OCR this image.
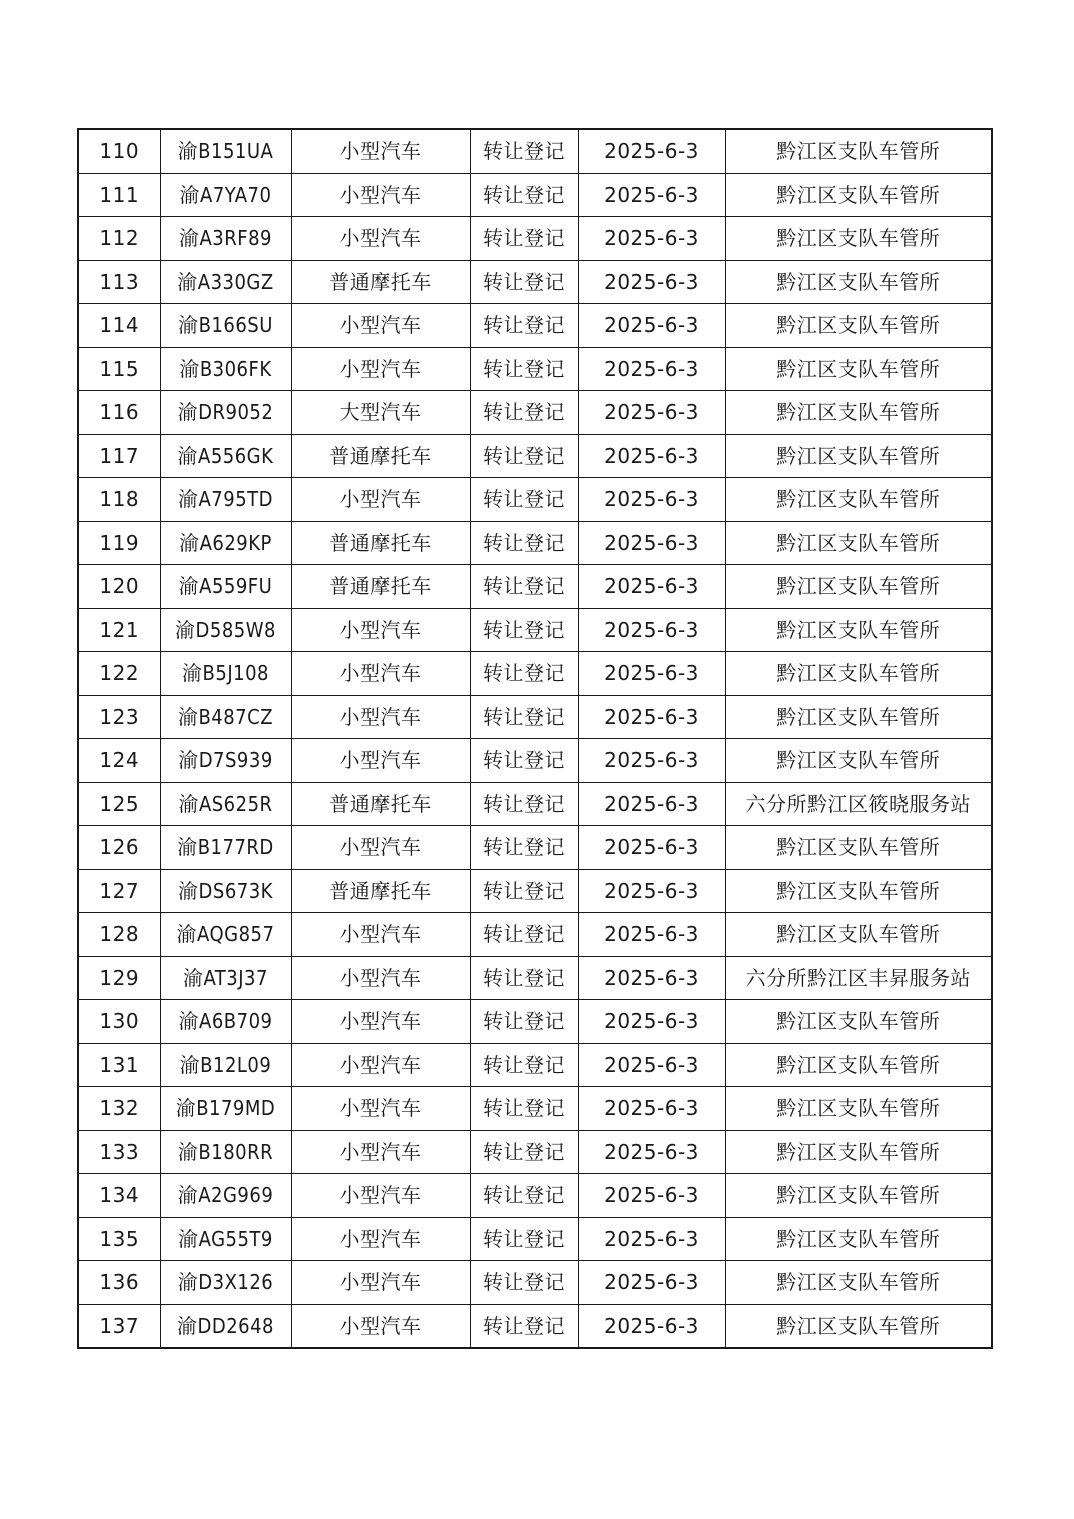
110	渝B151UA	小型汽车	转让登记	2025-6-3	黔江区支队车管所
111	渝A7YA70	小型汽车	转让登记	2025-6-3	黔江区支队车管所
112	渝A3RF89	小型汽车	转让登记	2025-6-3	黔江区支队车管所
113	渝A330GZ	普通摩托车	转让登记	2025-6-3	黔江区支队车管所
114	渝B166SU	小型汽车	转让登记	2025-6-3	黔江区支队车管所
115	渝B306FK	小型汽车	转让登记	2025-6-3	黔江区支队车管所
116	渝DR9052	大型汽车	转让登记	2025-6-3	黔江区支队车管所
117	渝A556GK	普通摩托车	转让登记	2025-6-3	黔江区支队车管所
118	渝A795TD	小型汽车	转让登记	2025-6-3	黔江区支队车管所
119	渝A629KP	普通摩托车	转让登记	2025-6-3	黔江区支队车管所
120	渝A559FU	普通摩托车	转让登记	2025-6-3	黔江区支队车管所
121	渝D585W8	小型汽车	转让登记	2025-6-3	黔江区支队车管所
122	渝B5J108	小型汽车	转让登记	2025-6-3	黔江区支队车管所
123	渝B487CZ	小型汽车	转让登记	2025-6-3	黔江区支队车管所
124	渝D7S939	小型汽车	转让登记	2025-6-3	黔江区支队车管所
125	渝AS625R	普通摩托车	转让登记	2025-6-3	六分所黔江区筱晓服务站
126	渝B177RD	小型汽车	转让登记	2025-6-3	黔江区支队车管所
127	渝DS673K	普通摩托车	转让登记	2025-6-3	黔江区支队车管所
128	渝AQG857	小型汽车	转让登记	2025-6-3	黔江区支队车管所
129	渝AT3J37	小型汽车	转让登记	2025-6-3	六分所黔江区丰昇服务站
130	渝A6B709	小型汽车	转让登记	2025-6-3	黔江区支队车管所
131	渝B12L09	小型汽车	转让登记	2025-6-3	黔江区支队车管所
132	渝B179MD	小型汽车	转让登记	2025-6-3	黔江区支队车管所
133	渝B180RR	小型汽车	转让登记	2025-6-3	黔江区支队车管所
134	渝A2G969	小型汽车	转让登记	2025-6-3	黔江区支队车管所
135	渝AG55T9	小型汽车	转让登记	2025-6-3	黔江区支队车管所
136	渝D3X126	小型汽车	转让登记	2025-6-3	黔江区支队车管所
137	渝DD2648	小型汽车	转让登记	2025-6-3	黔江区支队车管所
